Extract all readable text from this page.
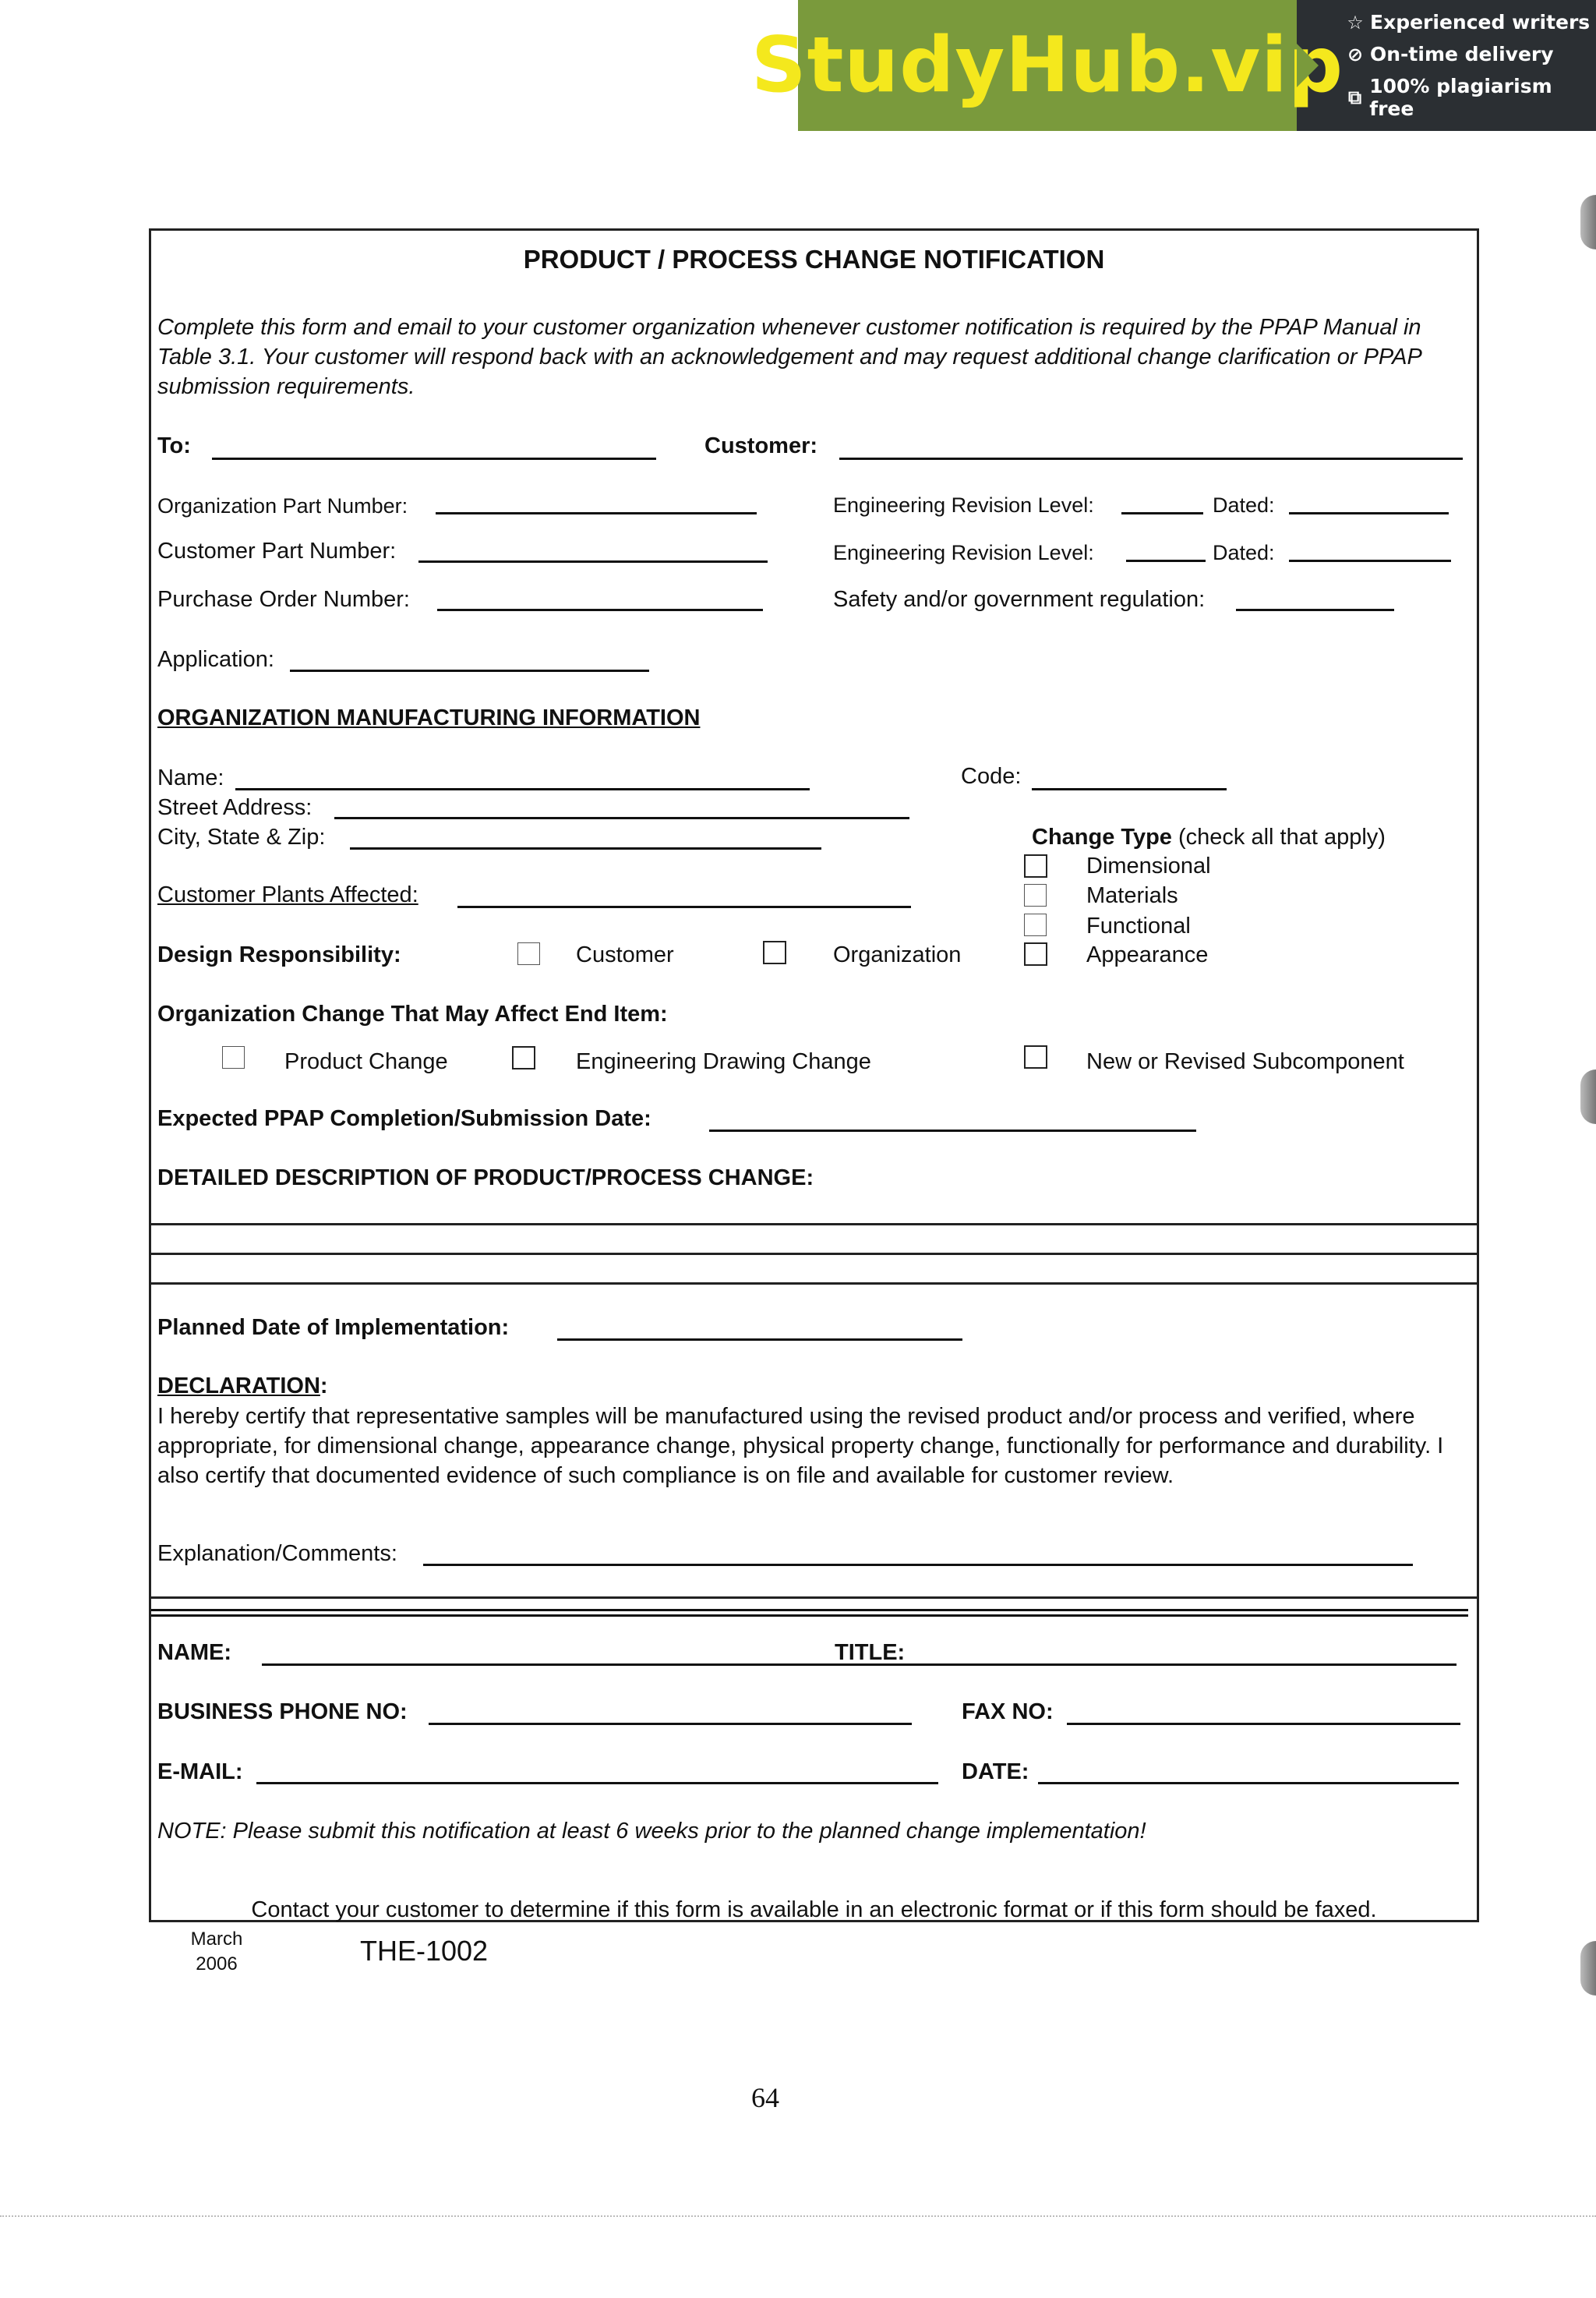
StudyHub.vip ☆ Experienced writers
⊘ On-time delivery
⧉ 100% plagiarism free
PRODUCT / PROCESS CHANGE NOTIFICATION
Complete this form and email to your customer organization whenever customer notification is required by the PPAP Manual in Table 3.1. Your customer will respond back with an acknowledgement and may request additional change clarification or PPAP submission requirements.
To:	Customer:
Organization Part Number:	Engineering Revision Level:	Dated:
Customer Part Number:	Engineering Revision Level:	Dated:
Purchase Order Number:	Safety and/or government regulation:
Application:
ORGANIZATION MANUFACTURING INFORMATION
Name:	Code:
Street Address:
City, State & Zip:	Change Type (check all that apply)
Dimensional
Materials
Functional
Appearance
Customer Plants Affected:
Design Responsibility:	Customer	Organization
Organization Change That May Affect End Item:
Product Change	Engineering Drawing Change	New or Revised Subcomponent
Expected PPAP Completion/Submission Date:
DETAILED DESCRIPTION OF PRODUCT/PROCESS CHANGE:
Planned Date of Implementation:
DECLARATION:
I hereby certify that representative samples will be manufactured using the revised product and/or process and verified, where appropriate, for dimensional change, appearance change, physical property change, functionally for performance and durability. I also certify that documented evidence of such compliance is on file and available for customer review.
Explanation/Comments:
NAME:	TITLE:
BUSINESS PHONE NO:	FAX NO:
E-MAIL:	DATE:
NOTE: Please submit this notification at least 6 weeks prior to the planned change implementation!
Contact your customer to determine if this form is available in an electronic format or if this form should be faxed.
March
2006	THE-1002
64
